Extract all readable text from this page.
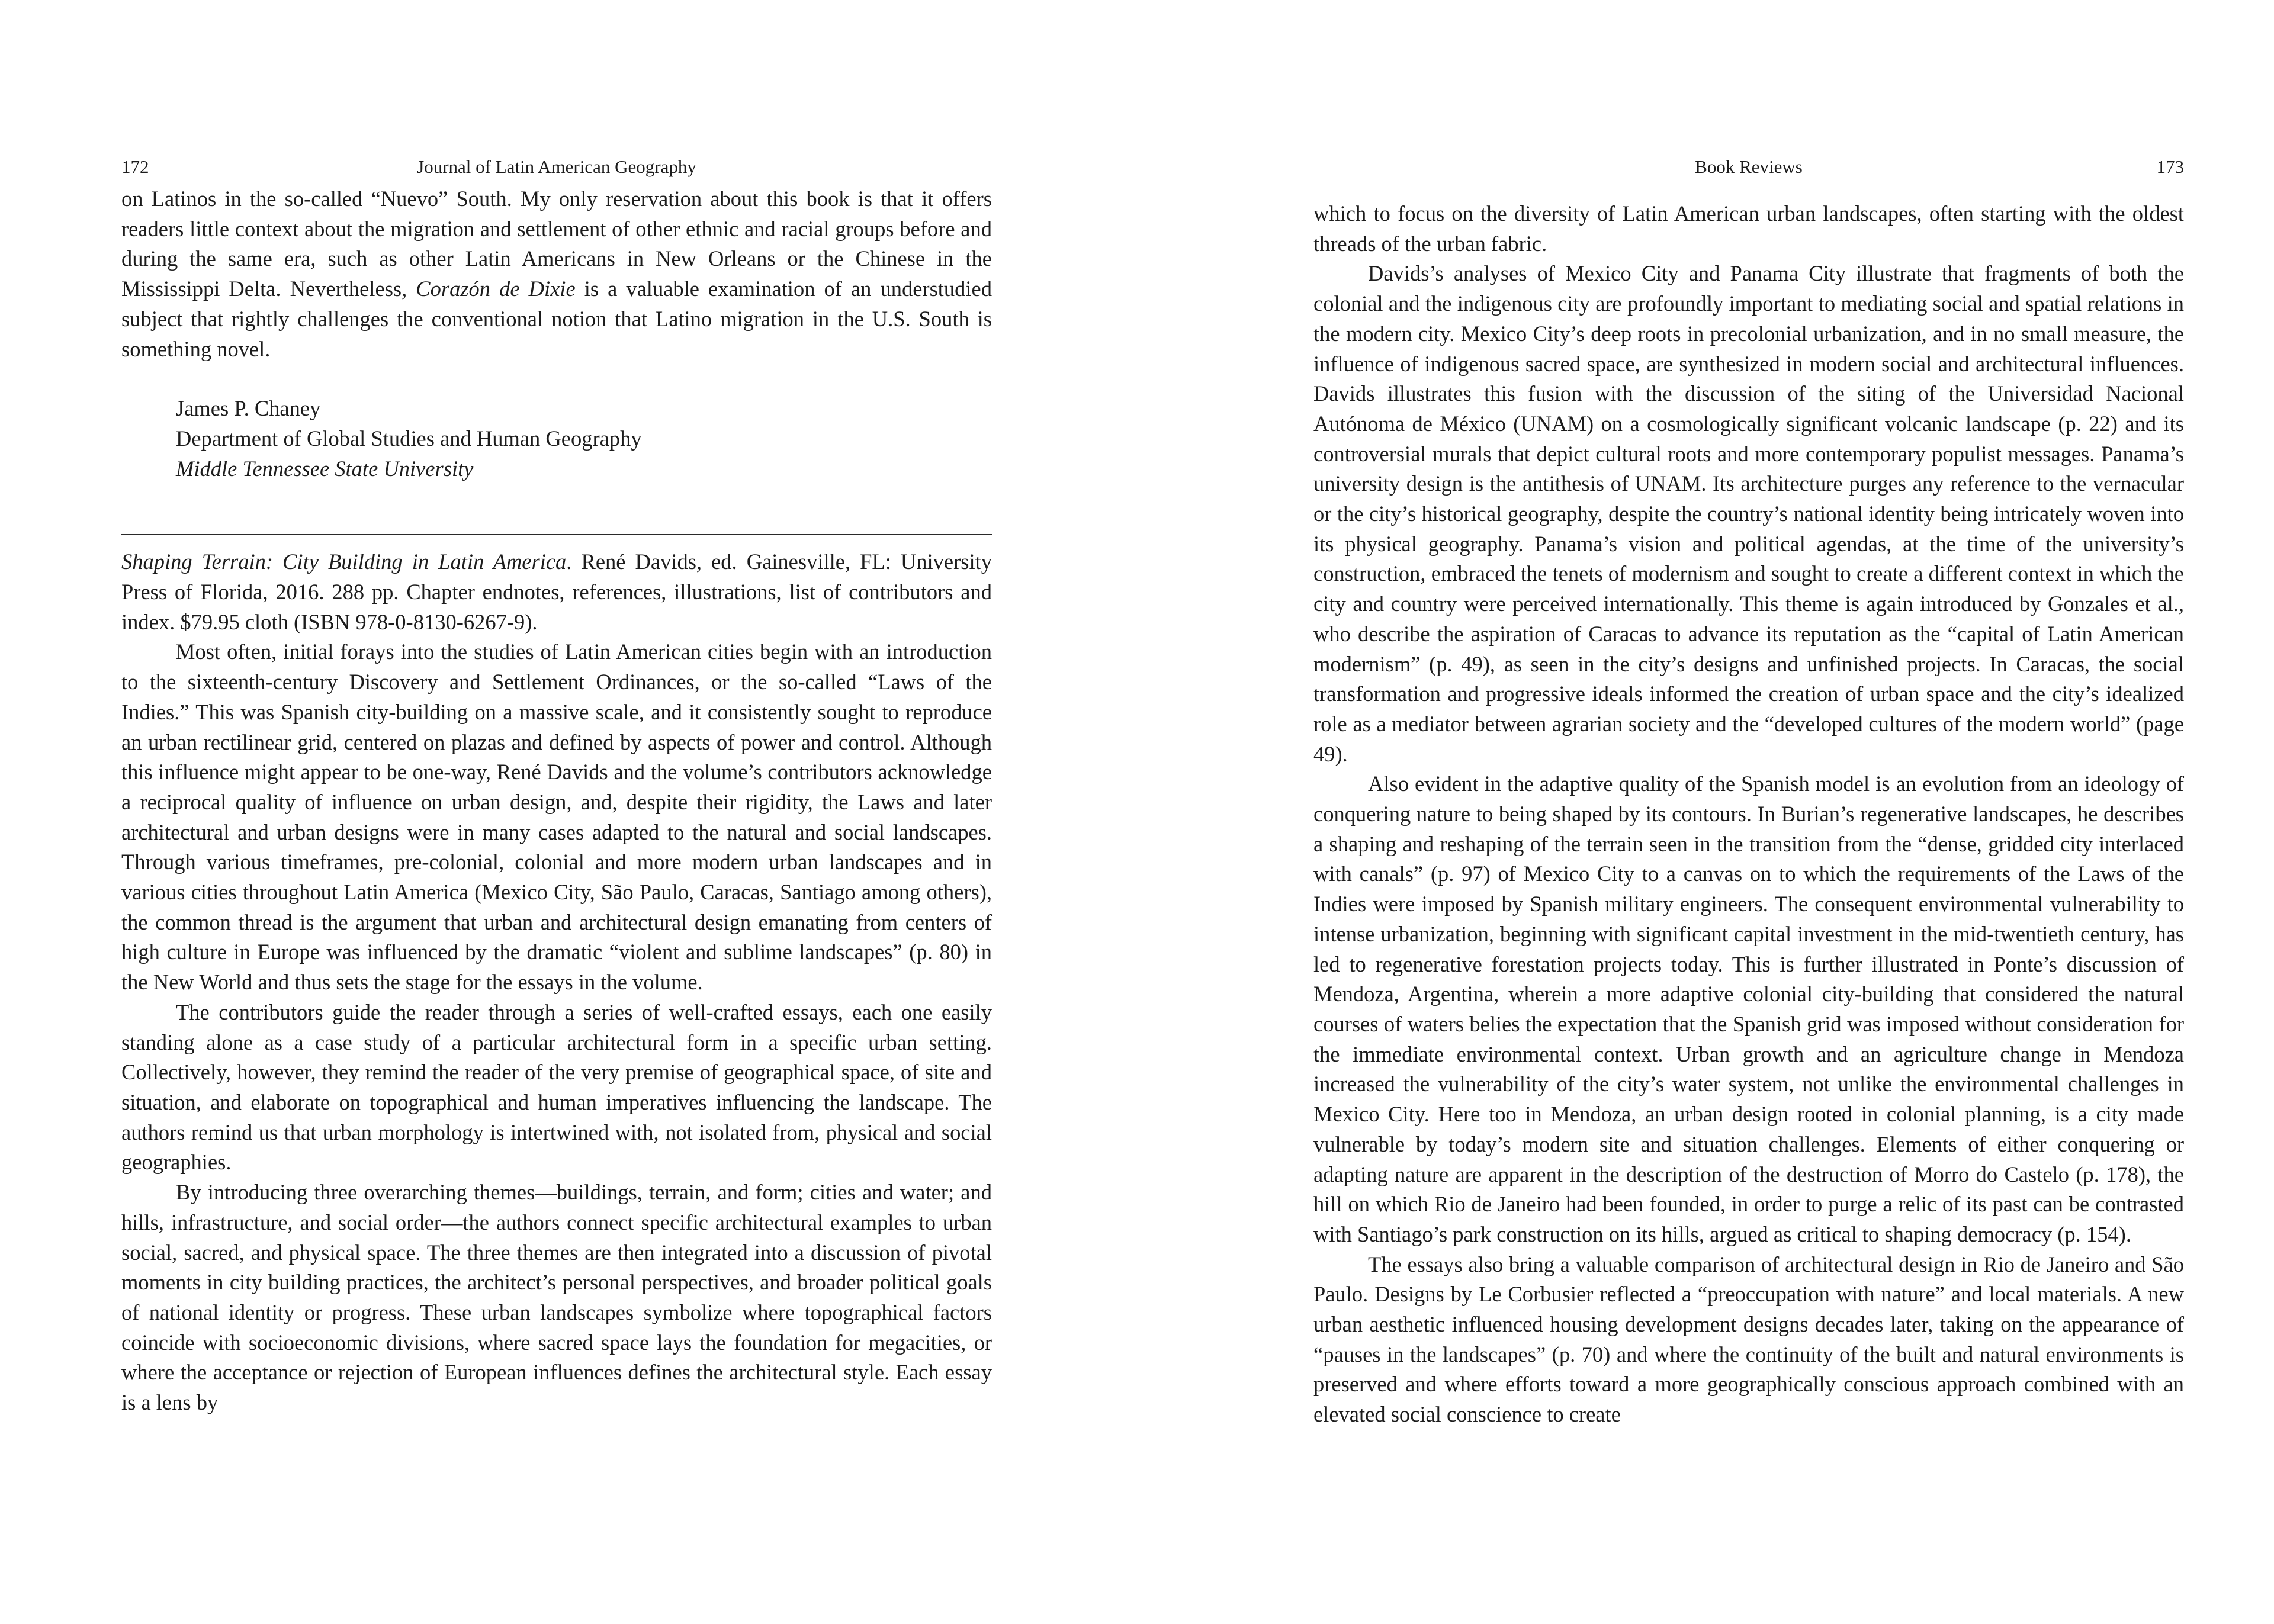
172	Journal of Latin American Geography

on Latinos in the so-called “Nuevo” South. My only reservation about this book is that it offers readers little context about the migration and settlement of other ethnic and racial groups before and during the same era, such as other Latin Americans in New Orleans or the Chinese in the Mississippi Delta. Nevertheless, Corazón de Dixie is a valuable examination of an understudied subject that rightly challenges the conventional notion that Latino migration in the U.S. South is something novel.

James P. Chaney
Department of Global Studies and Human Geography
Middle Tennessee State University

Shaping Terrain: City Building in Latin America. René Davids, ed. Gainesville, FL: University Press of Florida, 2016. 288 pp. Chapter endnotes, references, illustrations, list of contributors and index. $79.95 cloth (ISBN 978-0-8130-6267-9).

Most often, initial forays into the studies of Latin American cities begin with an introduction to the sixteenth-century Discovery and Settlement Ordinances, or the so-called “Laws of the Indies.” This was Spanish city-building on a massive scale, and it consistently sought to reproduce an urban rectilinear grid, centered on plazas and defined by aspects of power and control. Although this influence might appear to be one-way, René Davids and the volume’s contributors acknowledge a reciprocal quality of influence on urban design, and, despite their rigidity, the Laws and later architectural and urban designs were in many cases adapted to the natural and social landscapes. Through various timeframes, pre-colonial, colonial and more modern urban landscapes and in various cities throughout Latin America (Mexico City, São Paulo, Caracas, Santiago among others), the common thread is the argument that urban and architectural design emanating from centers of high culture in Europe was influenced by the dramatic “violent and sublime landscapes” (p. 80) in the New World and thus sets the stage for the essays in the volume.

The contributors guide the reader through a series of well-crafted essays, each one easily standing alone as a case study of a particular architectural form in a specific urban setting. Collectively, however, they remind the reader of the very premise of geographical space, of site and situation, and elaborate on topographical and human imperatives influencing the landscape. The authors remind us that urban morphology is intertwined with, not isolated from, physical and social geographies.

By introducing three overarching themes—buildings, terrain, and form; cities and water; and hills, infrastructure, and social order—the authors connect specific architectural examples to urban social, sacred, and physical space. The three themes are then integrated into a discussion of pivotal moments in city building practices, the architect’s personal perspectives, and broader political goals of national identity or progress. These urban landscapes symbolize where topographical factors coincide with socioeconomic divisions, where sacred space lays the foundation for megacities, or where the acceptance or rejection of European influences defines the architectural style. Each essay is a lens by

Book Reviews	173

which to focus on the diversity of Latin American urban landscapes, often starting with the oldest threads of the urban fabric.

Davids’s analyses of Mexico City and Panama City illustrate that fragments of both the colonial and the indigenous city are profoundly important to mediating social and spatial relations in the modern city. Mexico City’s deep roots in precolonial urbanization, and in no small measure, the influence of indigenous sacred space, are synthesized in modern social and architectural influences. Davids illustrates this fusion with the discussion of the siting of the Universidad Nacional Autónoma de México (UNAM) on a cosmologically significant volcanic landscape (p. 22) and its controversial murals that depict cultural roots and more contemporary populist messages. Panama’s university design is the antithesis of UNAM. Its architecture purges any reference to the vernacular or the city’s historical geography, despite the country’s national identity being intricately woven into its physical geography. Panama’s vision and political agendas, at the time of the university’s construction, embraced the tenets of modernism and sought to create a different context in which the city and country were perceived internationally. This theme is again introduced by Gonzales et al., who describe the aspiration of Caracas to advance its reputation as the “capital of Latin American modernism” (p. 49), as seen in the city’s designs and unfinished projects. In Caracas, the social transformation and progressive ideals informed the creation of urban space and the city’s idealized role as a mediator between agrarian society and the “developed cultures of the modern world” (page 49).

Also evident in the adaptive quality of the Spanish model is an evolution from an ideology of conquering nature to being shaped by its contours. In Burian’s regenerative landscapes, he describes a shaping and reshaping of the terrain seen in the transition from the “dense, gridded city interlaced with canals” (p. 97) of Mexico City to a canvas on to which the requirements of the Laws of the Indies were imposed by Spanish military engineers. The consequent environmental vulnerability to intense urbanization, beginning with significant capital investment in the mid-twentieth century, has led to regenerative forestation projects today. This is further illustrated in Ponte’s discussion of Mendoza, Argentina, wherein a more adaptive colonial city-building that considered the natural courses of waters belies the expectation that the Spanish grid was imposed without consideration for the immediate environmental context. Urban growth and an agriculture change in Mendoza increased the vulnerability of the city’s water system, not unlike the environmental challenges in Mexico City. Here too in Mendoza, an urban design rooted in colonial planning, is a city made vulnerable by today’s modern site and situation challenges. Elements of either conquering or adapting nature are apparent in the description of the destruction of Morro do Castelo (p. 178), the hill on which Rio de Janeiro had been founded, in order to purge a relic of its past can be contrasted with Santiago’s park construction on its hills, argued as critical to shaping democracy (p. 154).

The essays also bring a valuable comparison of architectural design in Rio de Janeiro and São Paulo. Designs by Le Corbusier reflected a “preoccupation with nature” and local materials. A new urban aesthetic influenced housing development designs decades later, taking on the appearance of “pauses in the landscapes” (p. 70) and where the continuity of the built and natural environments is preserved and where efforts toward a more geographically conscious approach combined with an elevated social conscience to create
